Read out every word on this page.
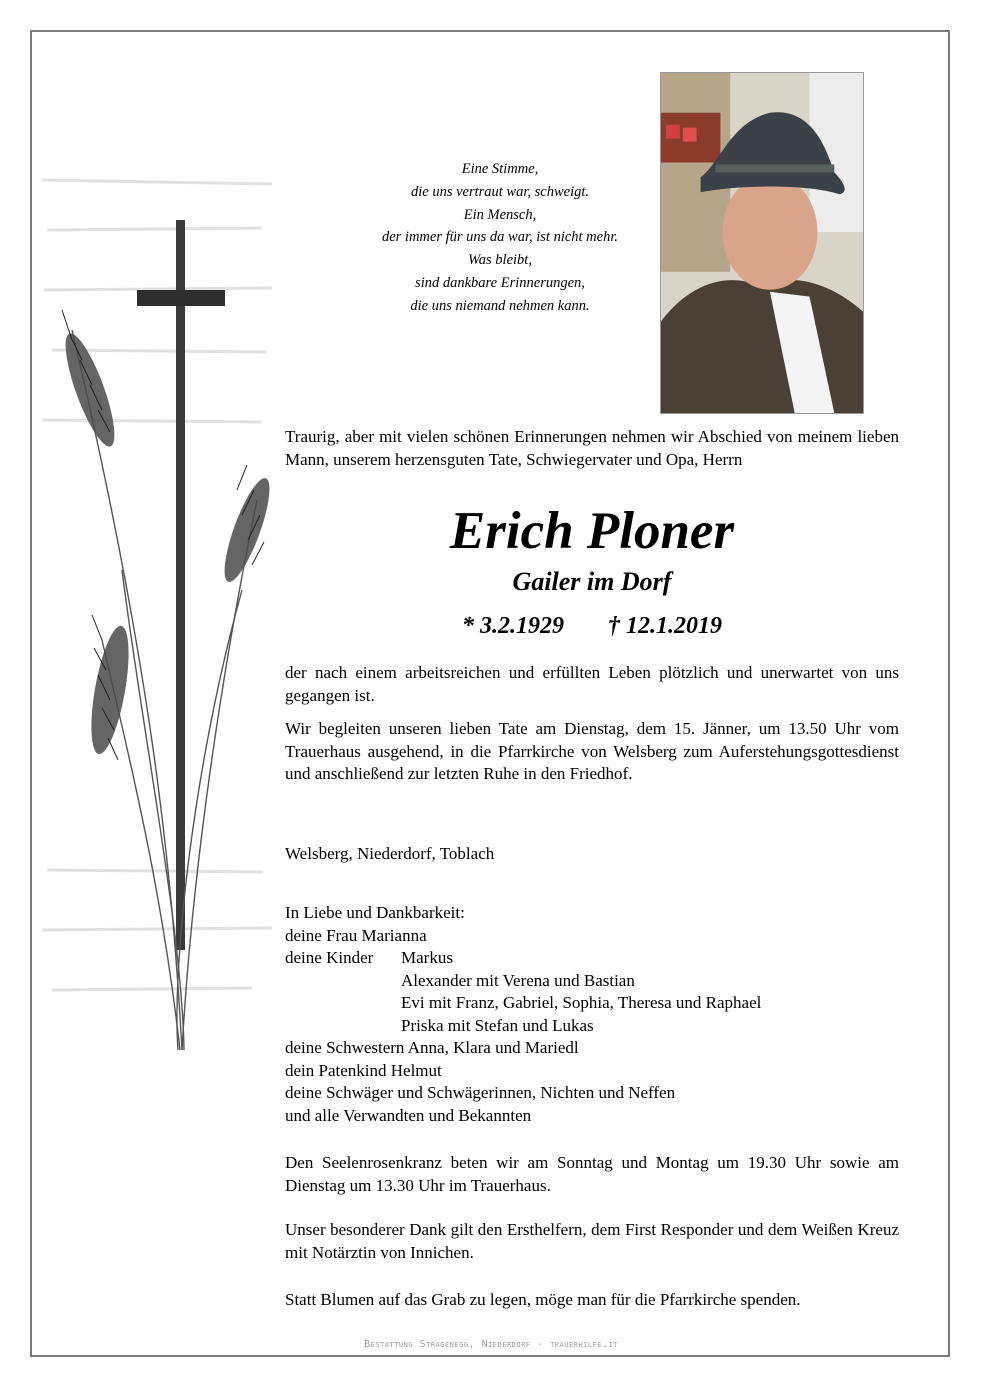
Eine Stimme,
die uns vertraut war, schweigt.
Ein Mensch,
der immer für uns da war, ist nicht mehr.
Was bleibt,
sind dankbare Erinnerungen,
die uns niemand nehmen kann.
Traurig, aber mit vielen schönen Erinnerungen nehmen wir Abschied von meinem lieben Mann, unserem herzensguten Tate, Schwiegervater und Opa, Herrn
Erich Ploner
Gailer im Dorf
* 3.2.1929 † 12.1.2019
der nach einem arbeitsreichen und erfüllten Leben plötzlich und unerwartet von uns gegangen ist.
Wir begleiten unseren lieben Tate am Dienstag, dem 15. Jänner, um 13.50 Uhr vom Trauerhaus ausgehend, in die Pfarrkirche von Welsberg zum Auferstehungsgottesdienst und anschließend zur letzten Ruhe in den Friedhof.
Welsberg, Niederdorf, Toblach
In Liebe und Dankbarkeit:
deine Frau Marianna
deine Kinder Markus
Alexander mit Verena und Bastian
Evi mit Franz, Gabriel, Sophia, Theresa und Raphael
Priska mit Stefan und Lukas
deine Schwestern Anna, Klara und Mariedl
dein Patenkind Helmut
deine Schwäger und Schwägerinnen, Nichten und Neffen
und alle Verwandten und Bekannten
Den Seelenrosenkranz beten wir am Sonntag und Montag um 19.30 Uhr sowie am Dienstag um 13.30 Uhr im Trauerhaus.
Unser besonderer Dank gilt den Ersthelfern, dem First Responder und dem Weißen Kreuz mit Notärztin von Innichen.
Statt Blumen auf das Grab zu legen, möge man für die Pfarrkirche spenden.
Bestattung Stragenegg, Niederdorf - trauerhilfe.it
